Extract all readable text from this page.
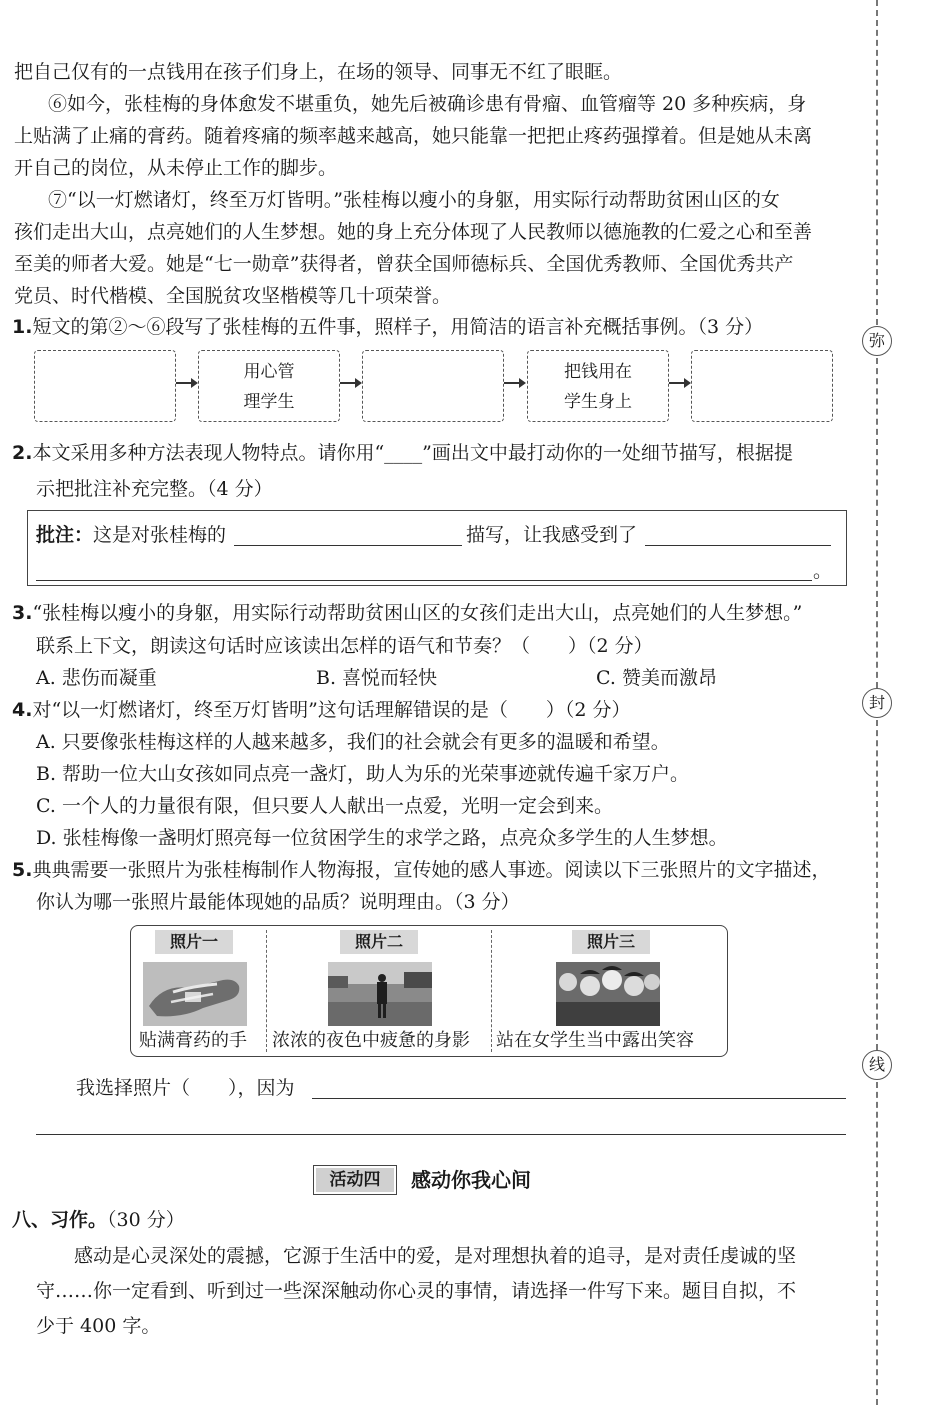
弥
封
线
把自己仅有的一点钱用在孩子们身上，在场的领导、同事无不红了眼眶。
⑥如今，张桂梅的身体愈发不堪重负，她先后被确诊患有骨瘤、血管瘤等 20 多种疾病，身
上贴满了止痛的膏药。随着疼痛的频率越来越高，她只能靠一把把止疼药强撑着。但是她从未离
开自己的岗位，从未停止工作的脚步。
⑦“以一灯燃诸灯，终至万灯皆明。”张桂梅以瘦小的身躯，用实际行动帮助贫困山区的女
孩们走出大山，点亮她们的人生梦想。她的身上充分体现了人民教师以德施教的仁爱之心和至善
至美的师者大爱。她是“七一勋章”获得者，曾获全国师德标兵、全国优秀教师、全国优秀共产
党员、时代楷模、全国脱贫攻坚楷模等几十项荣誉。
1.短文的第②～⑥段写了张桂梅的五件事，照样子，用简洁的语言补充概括事例。（3 分）
用心管
理学生
把钱用在
学生身上
2.本文采用多种方法表现人物特点。请你用“____”画出文中最打动你的一处细节描写，根据提
示把批注补充完整。（4 分）
批注： 这是对张桂梅的	描写，让我感受到了
。
3.“张桂梅以瘦小的身躯，用实际行动帮助贫困山区的女孩们走出大山，点亮她们的人生梦想。”
联系上下文，朗读这句话时应该读出怎样的语气和节奏？（　　）（2 分）
A. 悲伤而凝重	B. 喜悦而轻快	C. 赞美而激昂
4.对“以一灯燃诸灯，终至万灯皆明”这句话理解错误的是（　　）（2 分）
A. 只要像张桂梅这样的人越来越多，我们的社会就会有更多的温暖和希望。
B. 帮助一位大山女孩如同点亮一盏灯，助人为乐的光荣事迹就传遍千家万户。
C. 一个人的力量很有限，但只要人人献出一点爱，光明一定会到来。
D. 张桂梅像一盏明灯照亮每一位贫困学生的求学之路，点亮众多学生的人生梦想。
5.典典需要一张照片为张桂梅制作人物海报，宣传她的感人事迹。阅读以下三张照片的文字描述，
你认为哪一张照片最能体现她的品质？说明理由。（3 分）
照片一	照片二	照片三
贴满膏药的手 浓浓的夜色中疲惫的身影 站在女学生当中露出笑容
我选择照片（　　），因为
活动四	感动你我心间
八、习作。（30 分）
感动是心灵深处的震撼，它源于生活中的爱，是对理想执着的追寻，是对责任虔诚的坚
守……你一定看到、听到过一些深深触动你心灵的事情，请选择一件写下来。题目自拟，不
少于 400 字。
